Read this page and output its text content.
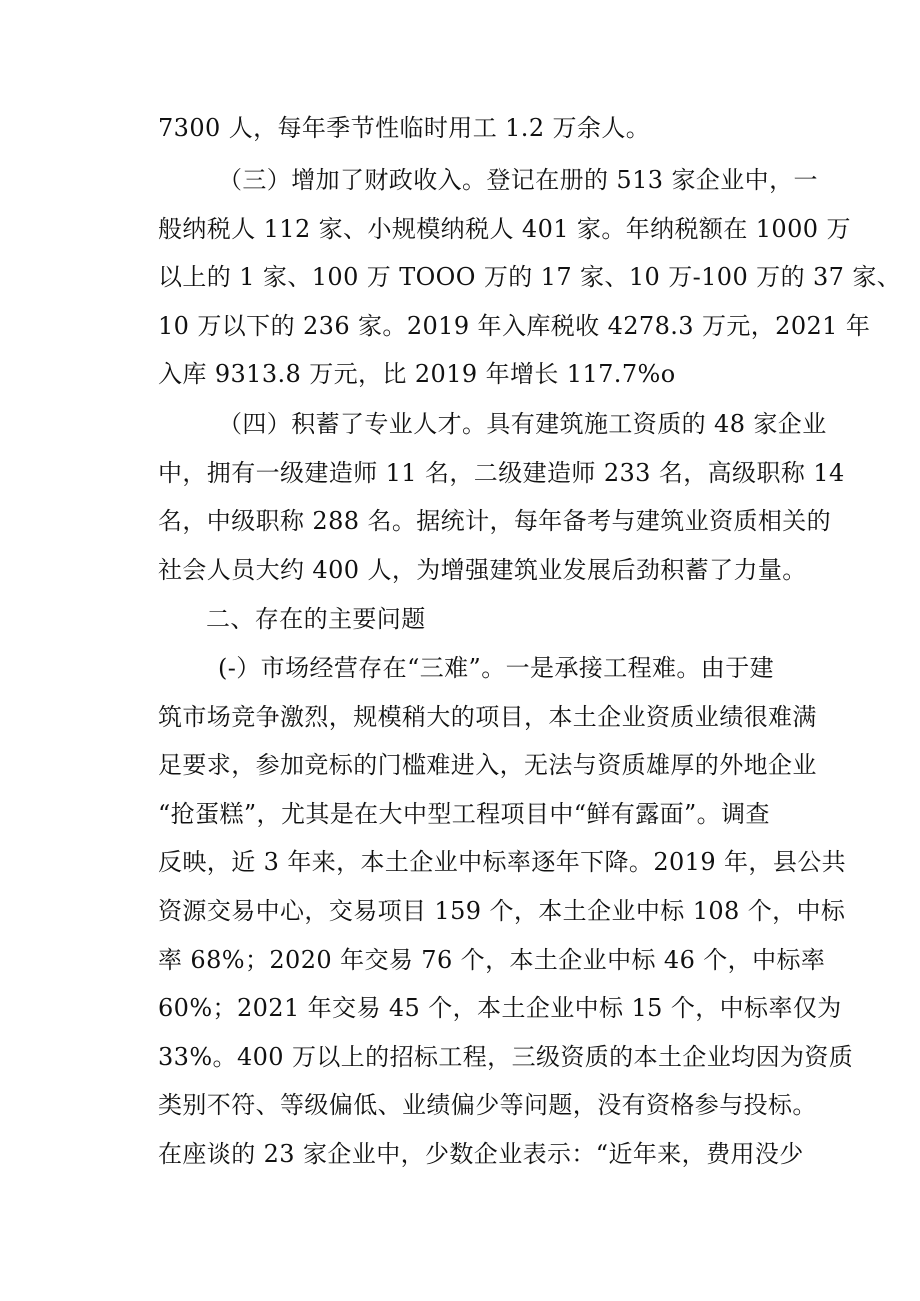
7300 人，每年季节性临时用工 1.2 万余人。
（三）增加了财政收入。登记在册的 513 家企业中，一
般纳税人 112 家、小规模纳税人 401 家。年纳税额在 1000 万
以上的 1 家、100 万 TOOO 万的 17 家、10 万-100 万的 37 家、
10 万以下的 236 家。2019 年入库税收 4278.3 万元，2021 年
入库 9313.8 万元，比 2019 年增长 117.7%o
（四）积蓄了专业人才。具有建筑施工资质的 48 家企业
中，拥有一级建造师 11 名，二级建造师 233 名，高级职称 14
名，中级职称 288 名。据统计，每年备考与建筑业资质相关的
社会人员大约 400 人，为增强建筑业发展后劲积蓄了力量。
二、存在的主要问题
(-）市场经营存在“三难”。一是承接工程难。由于建
筑市场竞争激烈，规模稍大的项目，本土企业资质业绩很难满
足要求，参加竞标的门槛难进入，无法与资质雄厚的外地企业
“抢蛋糕”，尤其是在大中型工程项目中“鲜有露面”。调查
反映，近 3 年来，本土企业中标率逐年下降。2019 年，县公共
资源交易中心，交易项目 159 个，本土企业中标 108 个，中标
率 68%；2020 年交易 76 个，本土企业中标 46 个，中标率
60%；2021 年交易 45 个，本土企业中标 15 个，中标率仅为
33%。400 万以上的招标工程，三级资质的本土企业均因为资质
类别不符、等级偏低、业绩偏少等问题，没有资格参与投标。
在座谈的 23 家企业中，少数企业表示：“近年来，费用没少
